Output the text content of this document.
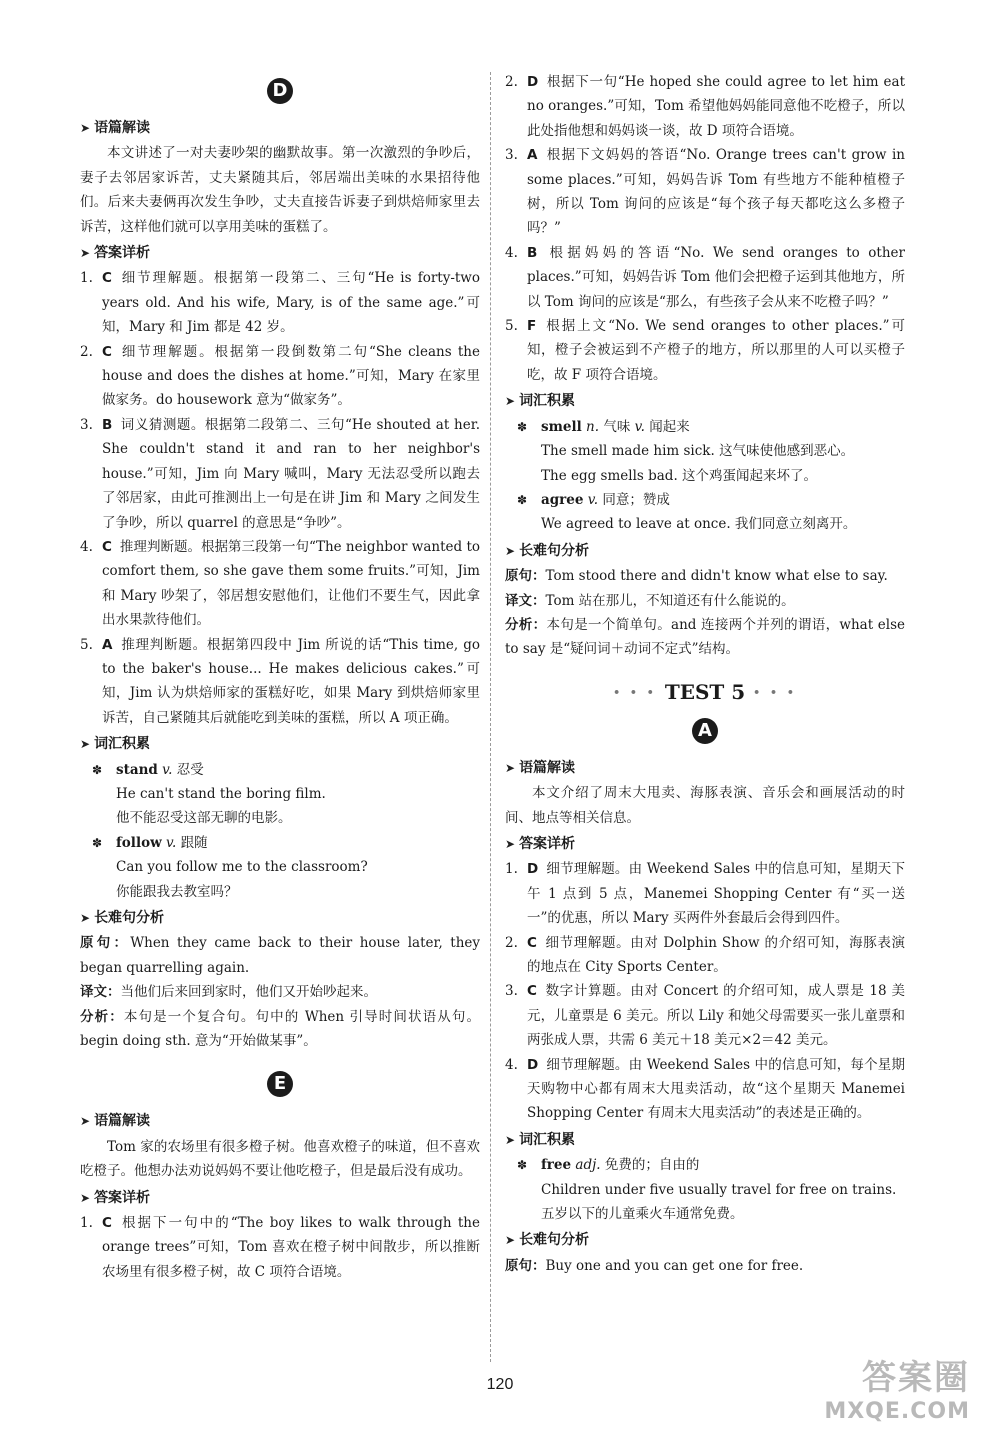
D
➤ 语篇解读

本文讲述了一对夫妻吵架的幽默故事。第一次激烈的争吵后，妻子去邻居家诉苦，丈夫紧随其后，邻居端出美味的水果招待他们。后来夫妻俩再次发生争吵，丈夫直接告诉妻子到烘焙师家里去诉苦，这样他们就可以享用美味的蛋糕了。

➤ 答案详析
1. C 细节理解题。根据第一段第二、三句“He is forty-two years old. And his wife, Mary, is of the same age.”可知，Mary 和 Jim 都是 42 岁。
2. C 细节理解题。根据第一段倒数第二句“She cleans the house and does the dishes at home.”可知，Mary 在家里做家务。do housework 意为“做家务”。
3. B 词义猜测题。根据第二段第二、三句“He shouted at her. She couldn't stand it and ran to her neighbor's house.”可知，Jim 向 Mary 喊叫，Mary 无法忍受所以跑去了邻居家，由此可推测出上一句是在讲 Jim 和 Mary 之间发生了争吵，所以 quarrel 的意思是“争吵”。
4. C 推理判断题。根据第三段第一句“The neighbor wanted to comfort them, so she gave them some fruits.”可知，Jim 和 Mary 吵架了，邻居想安慰他们，让他们不要生气，因此拿出水果款待他们。
5. A 推理判断题。根据第四段中 Jim 所说的话“This time, go to the baker's house... He makes delicious cakes.”可知，Jim 认为烘焙师家的蛋糕好吃，如果 Mary 到烘焙师家里诉苦，自己紧随其后就能吃到美味的蛋糕，所以 A 项正确。
➤ 词汇积累
✽ stand v. 忍受
He can't stand the boring film.
他不能忍受这部无聊的电影。
✽ follow v. 跟随
Can you follow me to the classroom?
你能跟我去教室吗？
➤ 长难句分析

原句：When they came back to their house later, they began quarrelling again.

译文：当他们后来回到家时，他们又开始吵起来。

分析：本句是一个复合句。句中的 When 引导时间状语从句。begin doing sth. 意为“开始做某事”。

E
➤ 语篇解读

Tom 家的农场里有很多橙子树。他喜欢橙子的味道，但不喜欢吃橙子。他想办法劝说妈妈不要让他吃橙子，但是最后没有成功。

➤ 答案详析
1. C 根据下一句中的“The boy likes to walk through the orange trees”可知，Tom 喜欢在橙子树中间散步，所以推断农场里有很多橙子树，故 C 项符合语境。
2. D 根据下一句“He hoped she could agree to let him eat no oranges.”可知，Tom 希望他妈妈能同意他不吃橙子，所以此处指他想和妈妈谈一谈，故 D 项符合语境。
3. A 根据下文妈妈的答语“No. Orange trees can't grow in some places.”可知，妈妈告诉 Tom 有些地方不能种植橙子树，所以 Tom 询问的应该是“每个孩子每天都吃这么多橙子吗？”
4. B 根据妈妈的答语“No. We send oranges to other places.”可知，妈妈告诉 Tom 他们会把橙子运到其他地方，所以 Tom 询问的应该是“那么，有些孩子会从来不吃橙子吗？”
5. F 根据上文“No. We send oranges to other places.”可知，橙子会被运到不产橙子的地方，所以那里的人可以买橙子吃，故 F 项符合语境。
➤ 词汇积累
✽ smell n. 气味 v. 闻起来
The smell made him sick. 这气味使他感到恶心。
The egg smells bad. 这个鸡蛋闻起来坏了。
✽ agree v. 同意；赞成
We agreed to leave at once. 我们同意立刻离开。
➤ 长难句分析

原句：Tom stood there and didn't know what else to say.

译文：Tom 站在那儿，不知道还有什么能说的。

分析：本句是一个简单句。and 连接两个并列的谓语，what else to say 是“疑问词＋动词不定式”结构。

• • • TEST 5 • • •
A
➤ 语篇解读

本文介绍了周末大甩卖、海豚表演、音乐会和画展活动的时间、地点等相关信息。

➤ 答案详析
1. D 细节理解题。由 Weekend Sales 中的信息可知，星期天下午 1 点到 5 点，Manemei Shopping Center 有“买一送一”的优惠，所以 Mary 买两件外套最后会得到四件。
2. C 细节理解题。由对 Dolphin Show 的介绍可知，海豚表演的地点在 City Sports Center。
3. C 数字计算题。由对 Concert 的介绍可知，成人票是 18 美元，儿童票是 6 美元。所以 Lily 和她父母需要买一张儿童票和两张成人票，共需 6 美元＋18 美元×2＝42 美元。
4. D 细节理解题。由 Weekend Sales 中的信息可知，每个星期天购物中心都有周末大甩卖活动，故“这个星期天 Manemei Shopping Center 有周末大甩卖活动”的表述是正确的。
➤ 词汇积累
✽ free adj. 免费的；自由的
Children under five usually travel for free on trains.
五岁以下的儿童乘火车通常免费。
➤ 长难句分析

原句：Buy one and you can get one for free.

120	答案圈
MXQE.COM
